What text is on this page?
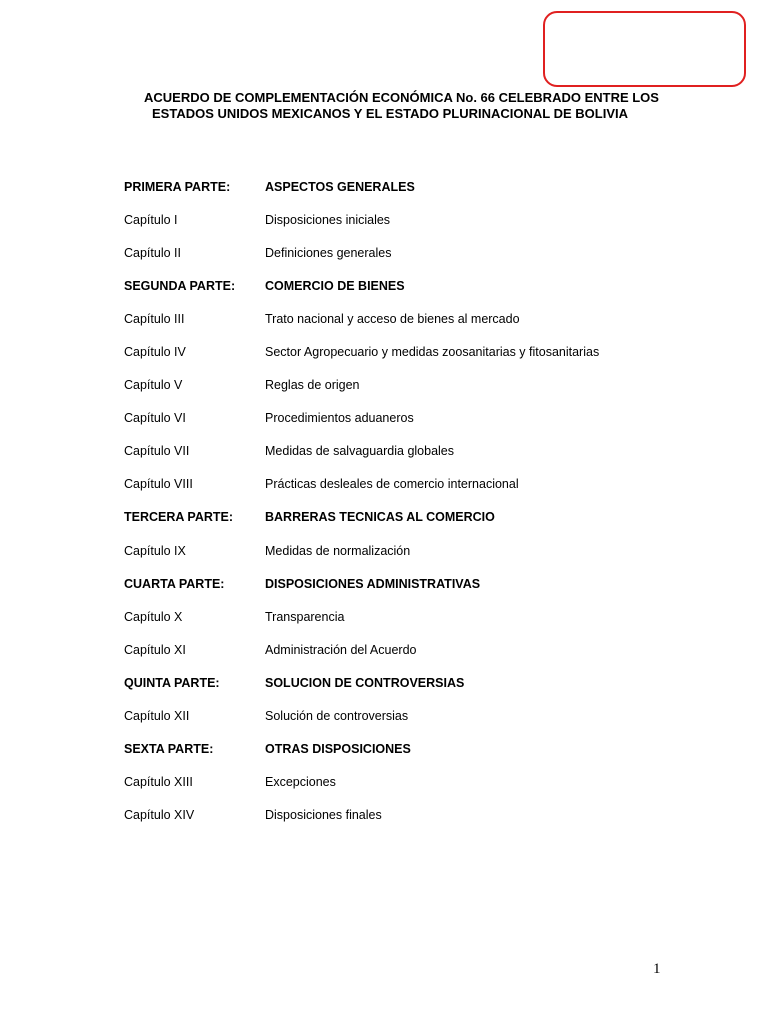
ACUERDO DE COMPLEMENTACIÓN ECONÓMICA No. 66 CELEBRADO ENTRE LOS
ESTADOS UNIDOS MEXICANOS Y EL ESTADO PLURINACIONAL DE BOLIVIA
PRIMERA PARTE:	ASPECTOS GENERALES
Capítulo I	Disposiciones iniciales
Capítulo II	Definiciones generales
SEGUNDA PARTE:	COMERCIO DE BIENES
Capítulo III	Trato nacional y acceso de bienes al mercado
Capítulo IV	Sector Agropecuario y medidas zoosanitarias y fitosanitarias
Capítulo V	Reglas de origen
Capítulo VI	Procedimientos aduaneros
Capítulo VII	Medidas de salvaguardia globales
Capítulo VIII	Prácticas desleales de comercio internacional
TERCERA PARTE:	BARRERAS TECNICAS AL COMERCIO
Capítulo IX	Medidas de normalización
CUARTA PARTE:	DISPOSICIONES ADMINISTRATIVAS
Capítulo X	Transparencia
Capítulo XI	Administración del Acuerdo
QUINTA PARTE:	SOLUCION DE CONTROVERSIAS
Capítulo XII	Solución de controversias
SEXTA PARTE:	OTRAS DISPOSICIONES
Capítulo XIII	Excepciones
Capítulo XIV	Disposiciones finales
1
